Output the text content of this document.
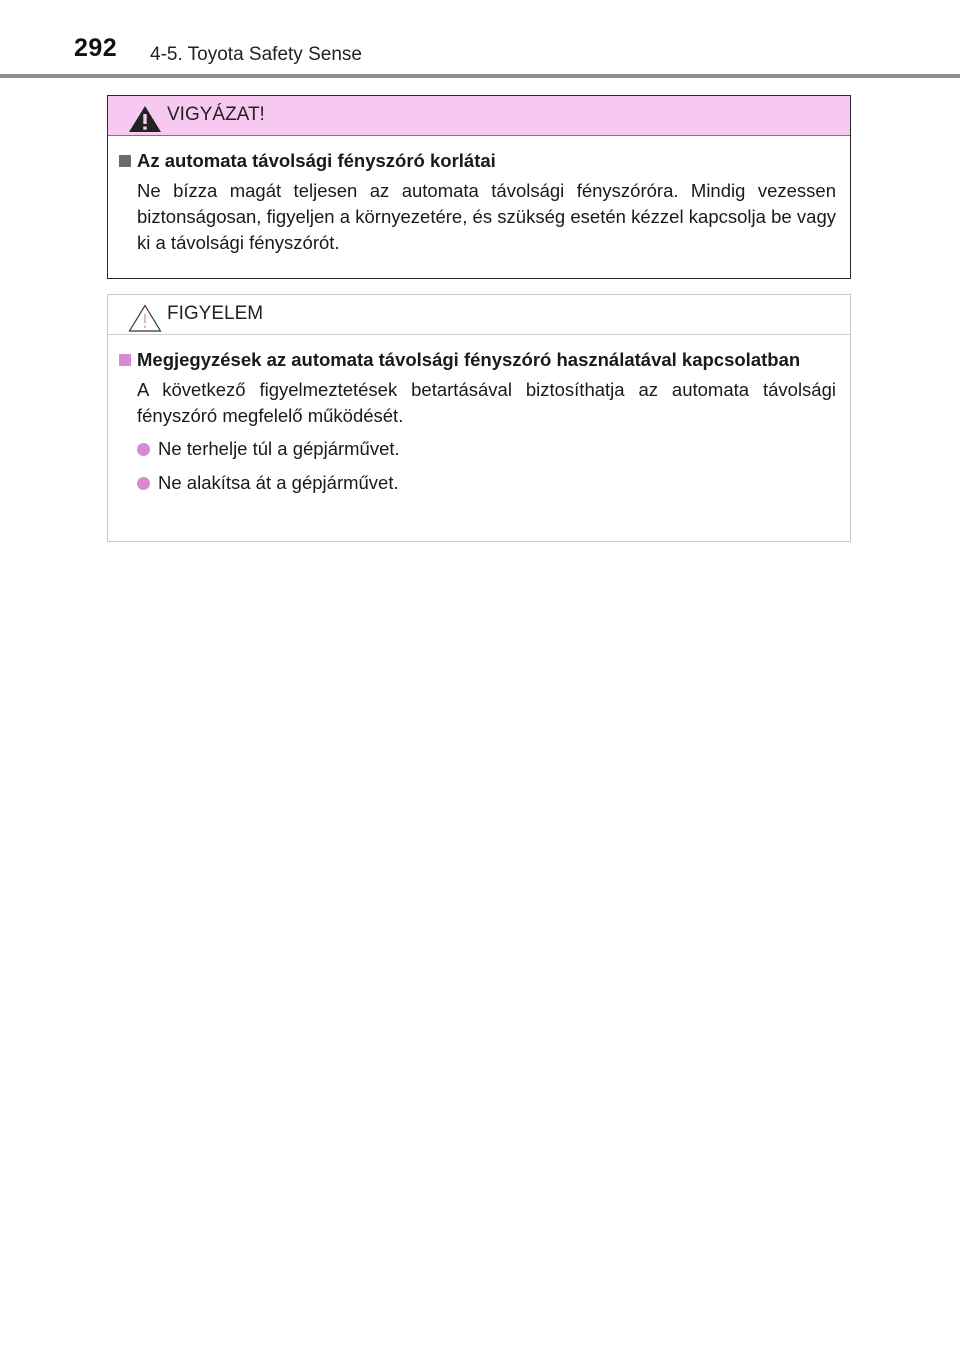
292 4-5. Toyota Safety Sense
VIGYÁZAT!
Az automata távolsági fényszóró korlátai

Ne bízza magát teljesen az automata távolsági fényszóróra. Mindig vezessen biztonságosan, figyeljen a környezetére, és szükség esetén kézzel kapcsolja be vagy ki a távolsági fényszórót.

FIGYELEM
Megjegyzések az automata távolsági fényszóró használatával kapcsolatban

A következő figyelmeztetések betartásával biztosíthatja az automata távolsági fényszóró megfelelő működését.

Ne terhelje túl a gépjárművet.
Ne alakítsa át a gépjárművet.
